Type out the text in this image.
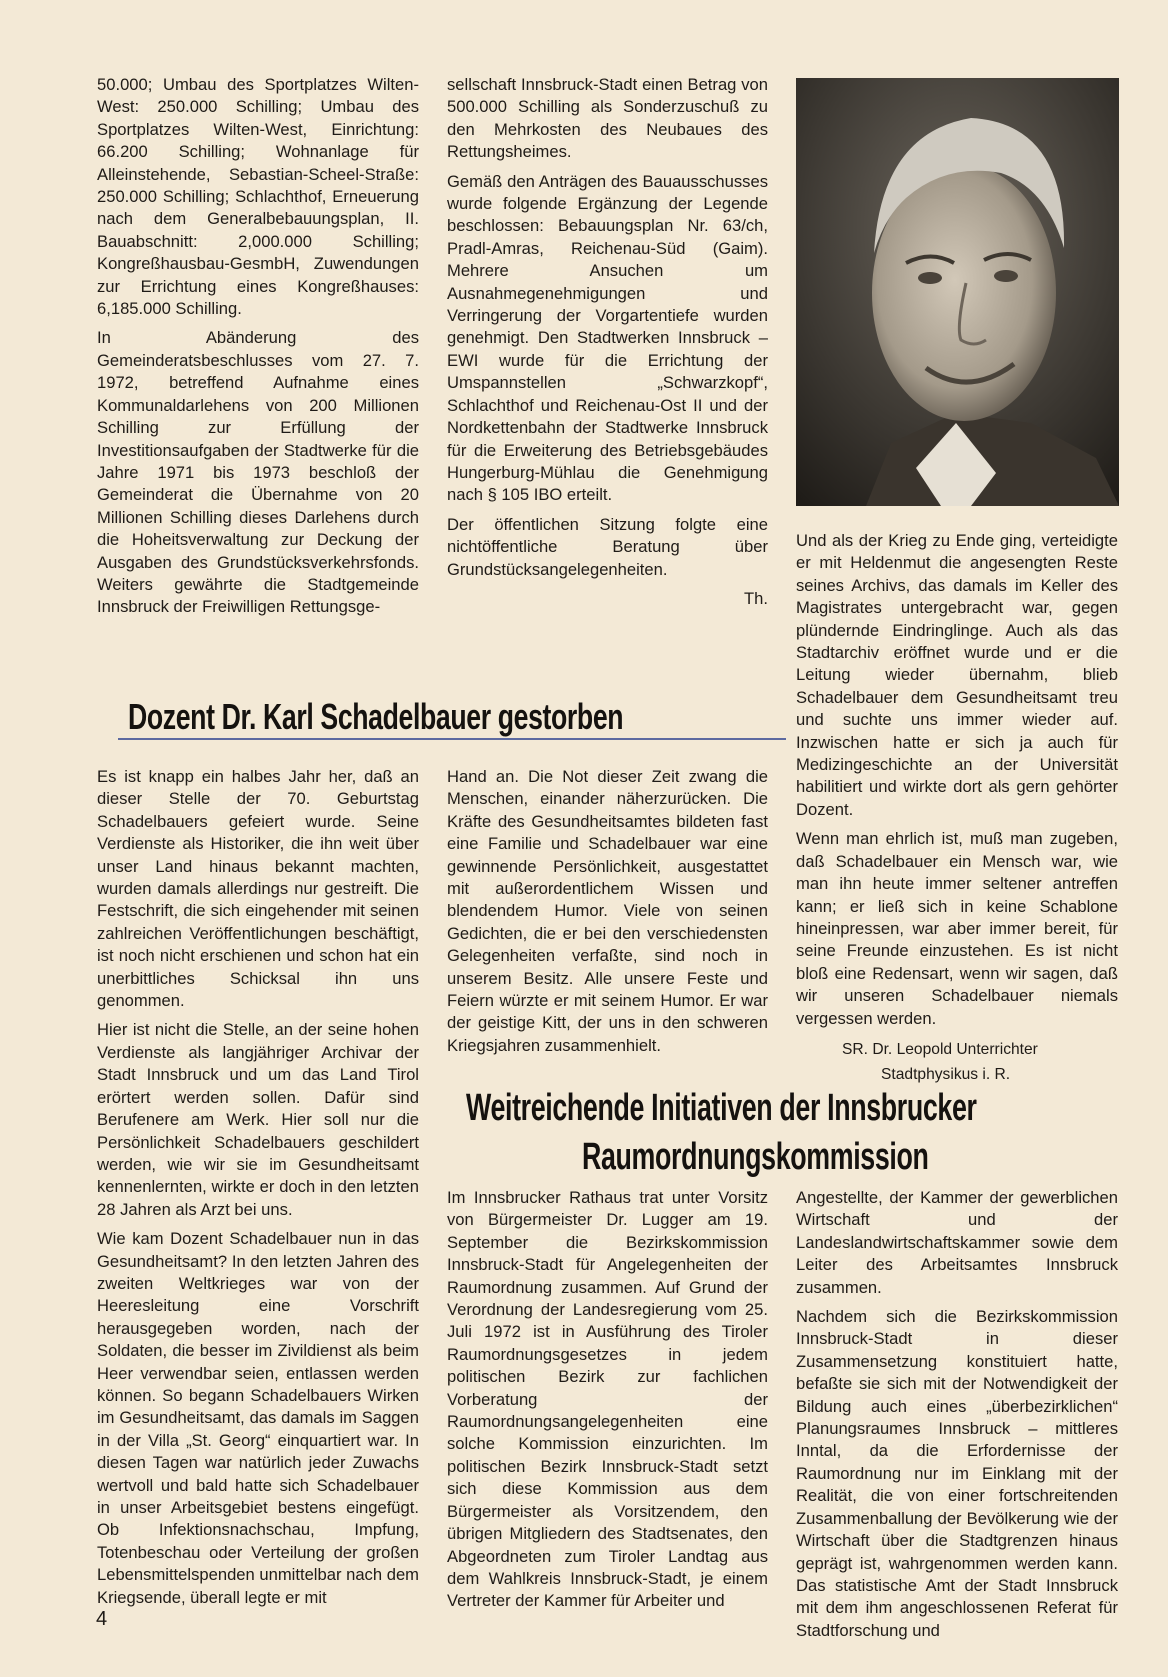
50.000; Umbau des Sportplatzes Wilten-West: 250.000 Schilling; Umbau des Sportplatzes Wilten-West, Einrichtung: 66.200 Schilling; Wohnanlage für Alleinstehende, Sebastian-Scheel-Straße: 250.000 Schilling; Schlachthof, Erneuerung nach dem Generalbebauungsplan, II. Bauabschnitt: 2,000.000 Schilling; Kongreßhausbau-GesmbH, Zuwendungen zur Errichtung eines Kongreßhauses: 6,185.000 Schilling.

In Abänderung des Gemeinderatsbeschlusses vom 27. 7. 1972, betreffend Aufnahme eines Kommunaldarlehens von 200 Millionen Schilling zur Erfüllung der Investitionsaufgaben der Stadtwerke für die Jahre 1971 bis 1973 beschloß der Gemeinderat die Übernahme von 20 Millionen Schilling dieses Darlehens durch die Hoheitsverwaltung zur Deckung der Ausgaben des Grundstücksverkehrsfonds. Weiters gewährte die Stadtgemeinde Innsbruck der Freiwilligen Rettungsge-

sellschaft Innsbruck-Stadt einen Betrag von 500.000 Schilling als Sonderzuschuß zu den Mehrkosten des Neubaues des Rettungsheimes.

Gemäß den Anträgen des Bauausschusses wurde folgende Ergänzung der Legende beschlossen: Bebauungsplan Nr. 63/ch, Pradl-Amras, Reichenau-Süd (Gaim). Mehrere Ansuchen um Ausnahmegenehmigungen und Verringerung der Vorgartentiefe wurden genehmigt. Den Stadtwerken Innsbruck – EWI wurde für die Errichtung der Umspannstellen „Schwarzkopf“, Schlachthof und Reichenau-Ost II und der Nordkettenbahn der Stadtwerke Innsbruck für die Erweiterung des Betriebsgebäudes Hungerburg-Mühlau die Genehmigung nach § 105 IBO erteilt.

Der öffentlichen Sitzung folgte eine nichtöffentliche Beratung über Grundstücksangelegenheiten.

Th.

Dozent Dr. Karl Schadelbauer gestorben

Es ist knapp ein halbes Jahr her, daß an dieser Stelle der 70. Geburtstag Schadelbauers gefeiert wurde. Seine Verdienste als Historiker, die ihn weit über unser Land hinaus bekannt machten, wurden damals allerdings nur gestreift. Die Festschrift, die sich eingehender mit seinen zahlreichen Veröffentlichungen beschäftigt, ist noch nicht erschienen und schon hat ein unerbittliches Schicksal ihn uns genommen.

Hier ist nicht die Stelle, an der seine hohen Verdienste als langjähriger Archivar der Stadt Innsbruck und um das Land Tirol erörtert werden sollen. Dafür sind Berufenere am Werk. Hier soll nur die Persönlichkeit Schadelbauers geschildert werden, wie wir sie im Gesundheitsamt kennenlernten, wirkte er doch in den letzten 28 Jahren als Arzt bei uns.

Wie kam Dozent Schadelbauer nun in das Gesundheitsamt? In den letzten Jahren des zweiten Weltkrieges war von der Heeresleitung eine Vorschrift herausgegeben worden, nach der Soldaten, die besser im Zivildienst als beim Heer verwendbar seien, entlassen werden können. So begann Schadelbauers Wirken im Gesundheitsamt, das damals im Saggen in der Villa „St. Georg“ einquartiert war. In diesen Tagen war natürlich jeder Zuwachs wertvoll und bald hatte sich Schadelbauer in unser Arbeitsgebiet bestens eingefügt. Ob Infektionsnachschau, Impfung, Totenbeschau oder Verteilung der großen Lebensmittelspenden unmittelbar nach dem Kriegsende, überall legte er mit

Hand an. Die Not dieser Zeit zwang die Menschen, einander näherzurücken. Die Kräfte des Gesundheitsamtes bildeten fast eine Familie und Schadelbauer war eine gewinnende Persönlichkeit, ausgestattet mit außerordentlichem Wissen und blendendem Humor. Viele von seinen Gedichten, die er bei den verschiedensten Gelegenheiten verfaßte, sind noch in unserem Besitz. Alle unsere Feste und Feiern würzte er mit seinem Humor. Er war der geistige Kitt, der uns in den schweren Kriegsjahren zusammenhielt.

Und als der Krieg zu Ende ging, verteidigte er mit Heldenmut die angesengten Reste seines Archivs, das damals im Keller des Magistrates untergebracht war, gegen plündernde Eindringlinge. Auch als das Stadtarchiv eröffnet wurde und er die Leitung wieder übernahm, blieb Schadelbauer dem Gesundheitsamt treu und suchte uns immer wieder auf. Inzwischen hatte er sich ja auch für Medizingeschichte an der Universität habilitiert und wirkte dort als gern gehörter Dozent.

Wenn man ehrlich ist, muß man zugeben, daß Schadelbauer ein Mensch war, wie man ihn heute immer seltener antreffen kann; er ließ sich in keine Schablone hineinpressen, war aber immer bereit, für seine Freunde einzustehen. Es ist nicht bloß eine Redensart, wenn wir sagen, daß wir unseren Schadelbauer niemals vergessen werden.

SR. Dr. Leopold Unterrichter
Stadtphysikus i. R.
Weitreichende Initiativen der Innsbrucker
Raumordnungskommission

Im Innsbrucker Rathaus trat unter Vorsitz von Bürgermeister Dr. Lugger am 19. September die Bezirkskommission Innsbruck-Stadt für Angelegenheiten der Raumordnung zusammen. Auf Grund der Verordnung der Landesregierung vom 25. Juli 1972 ist in Ausführung des Tiroler Raumordnungsgesetzes in jedem politischen Bezirk zur fachlichen Vorberatung der Raumordnungsangelegenheiten eine solche Kommission einzurichten. Im politischen Bezirk Innsbruck-Stadt setzt sich diese Kommission aus dem Bürgermeister als Vorsitzendem, den übrigen Mitgliedern des Stadtsenates, den Abgeordneten zum Tiroler Landtag aus dem Wahlkreis Innsbruck-Stadt, je einem Vertreter der Kammer für Arbeiter und

Angestellte, der Kammer der gewerblichen Wirtschaft und der Landeslandwirtschaftskammer sowie dem Leiter des Arbeitsamtes Innsbruck zusammen.

Nachdem sich die Bezirkskommission Innsbruck-Stadt in dieser Zusammensetzung konstituiert hatte, befaßte sie sich mit der Notwendigkeit der Bildung auch eines „überbezirklichen“ Planungsraumes Innsbruck – mittleres Inntal, da die Erfordernisse der Raumordnung nur im Einklang mit der Realität, die von einer fortschreitenden Zusammenballung der Bevölkerung wie der Wirtschaft über die Stadtgrenzen hinaus geprägt ist, wahrgenommen werden kann. Das statistische Amt der Stadt Innsbruck mit dem ihm angeschlossenen Referat für Stadtforschung und

4
